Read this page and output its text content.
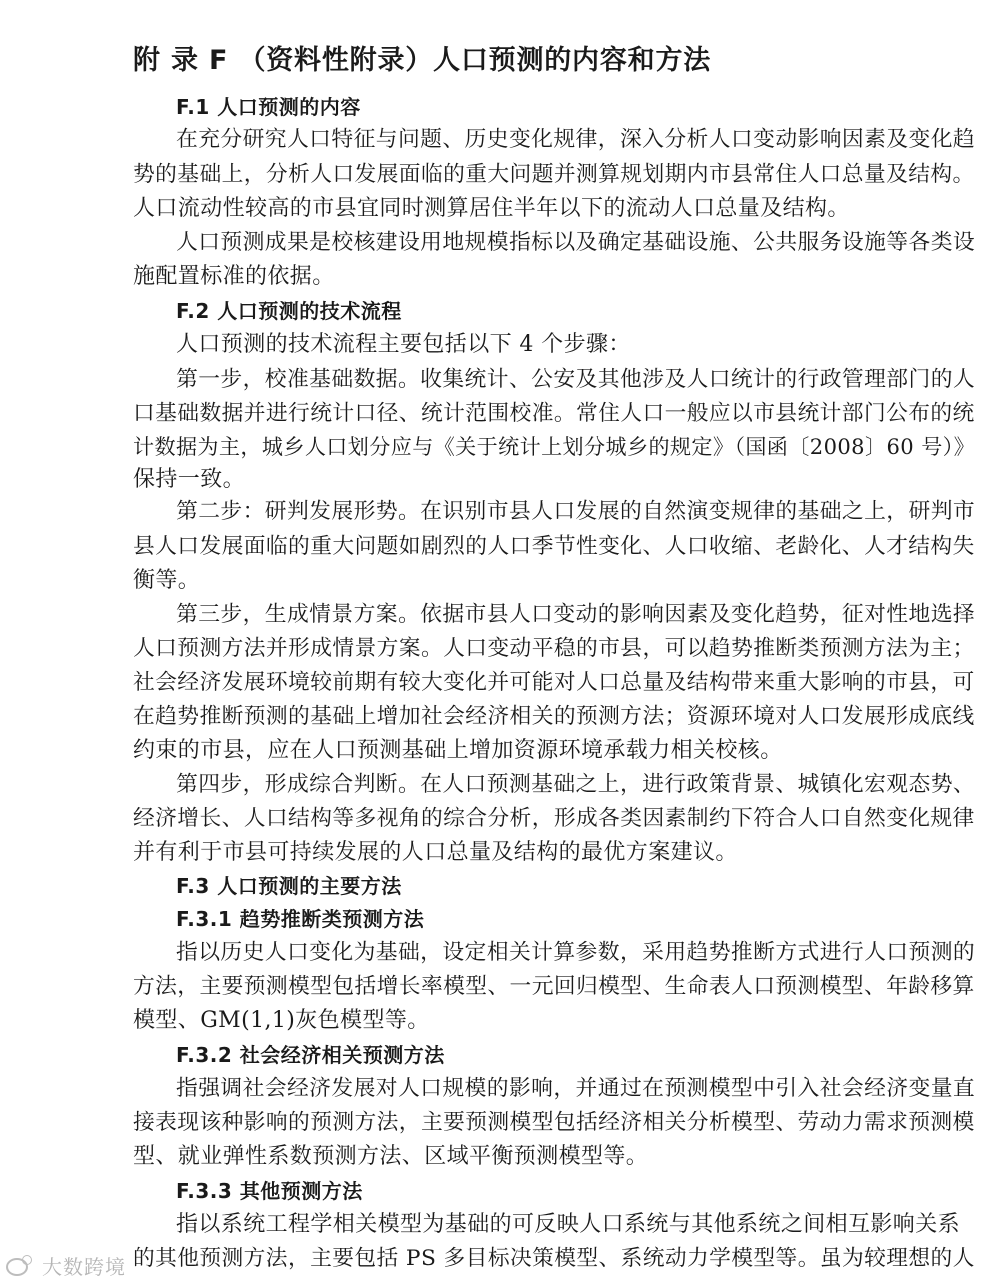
附 录 F （资料性附录）人口预测的内容和方法
F.1 人口预测的内容
在充分研究人口特征与问题、历史变化规律，深入分析人口变动影响因素及变化趋
势的基础上，分析人口发展面临的重大问题并测算规划期内市县常住人口总量及结构。
人口流动性较高的市县宜同时测算居住半年以下的流动人口总量及结构。
人口预测成果是校核建设用地规模指标以及确定基础设施、公共服务设施等各类设
施配置标准的依据。
F.2 人口预测的技术流程
人口预测的技术流程主要包括以下 4 个步骤：
第一步，校准基础数据。收集统计、公安及其他涉及人口统计的行政管理部门的人
口基础数据并进行统计口径、统计范围校准。常住人口一般应以市县统计部门公布的统
计数据为主，城乡人口划分应与《关于统计上划分城乡的规定》（国函〔2008〕60 号）》
保持一致。
第二步：研判发展形势。在识别市县人口发展的自然演变规律的基础之上，研判市
县人口发展面临的重大问题如剧烈的人口季节性变化、人口收缩、老龄化、人才结构失
衡等。
第三步，生成情景方案。依据市县人口变动的影响因素及变化趋势，征对性地选择
人口预测方法并形成情景方案。人口变动平稳的市县，可以趋势推断类预测方法为主；
社会经济发展环境较前期有较大变化并可能对人口总量及结构带来重大影响的市县，可
在趋势推断预测的基础上增加社会经济相关的预测方法；资源环境对人口发展形成底线
约束的市县，应在人口预测基础上增加资源环境承载力相关校核。
第四步，形成综合判断。在人口预测基础之上，进行政策背景、城镇化宏观态势、
经济增长、人口结构等多视角的综合分析，形成各类因素制约下符合人口自然变化规律
并有利于市县可持续发展的人口总量及结构的最优方案建议。
F.3 人口预测的主要方法
F.3.1 趋势推断类预测方法
指以历史人口变化为基础，设定相关计算参数，采用趋势推断方式进行人口预测的
方法，主要预测模型包括增长率模型、一元回归模型、生命表人口预测模型、年龄移算
模型、GM(1,1)灰色模型等。
F.3.2 社会经济相关预测方法
指强调社会经济发展对人口规模的影响，并通过在预测模型中引入社会经济变量直
接表现该种影响的预测方法，主要预测模型包括经济相关分析模型、劳动力需求预测模
型、就业弹性系数预测方法、区域平衡预测模型等。
F.3.3 其他预测方法
指以系统工程学相关模型为基础的可反映人口系统与其他系统之间相互影响关系
的其他预测方法，主要包括 PS 多目标决策模型、系统动力学模型等。虽为较理想的人
大数跨境
